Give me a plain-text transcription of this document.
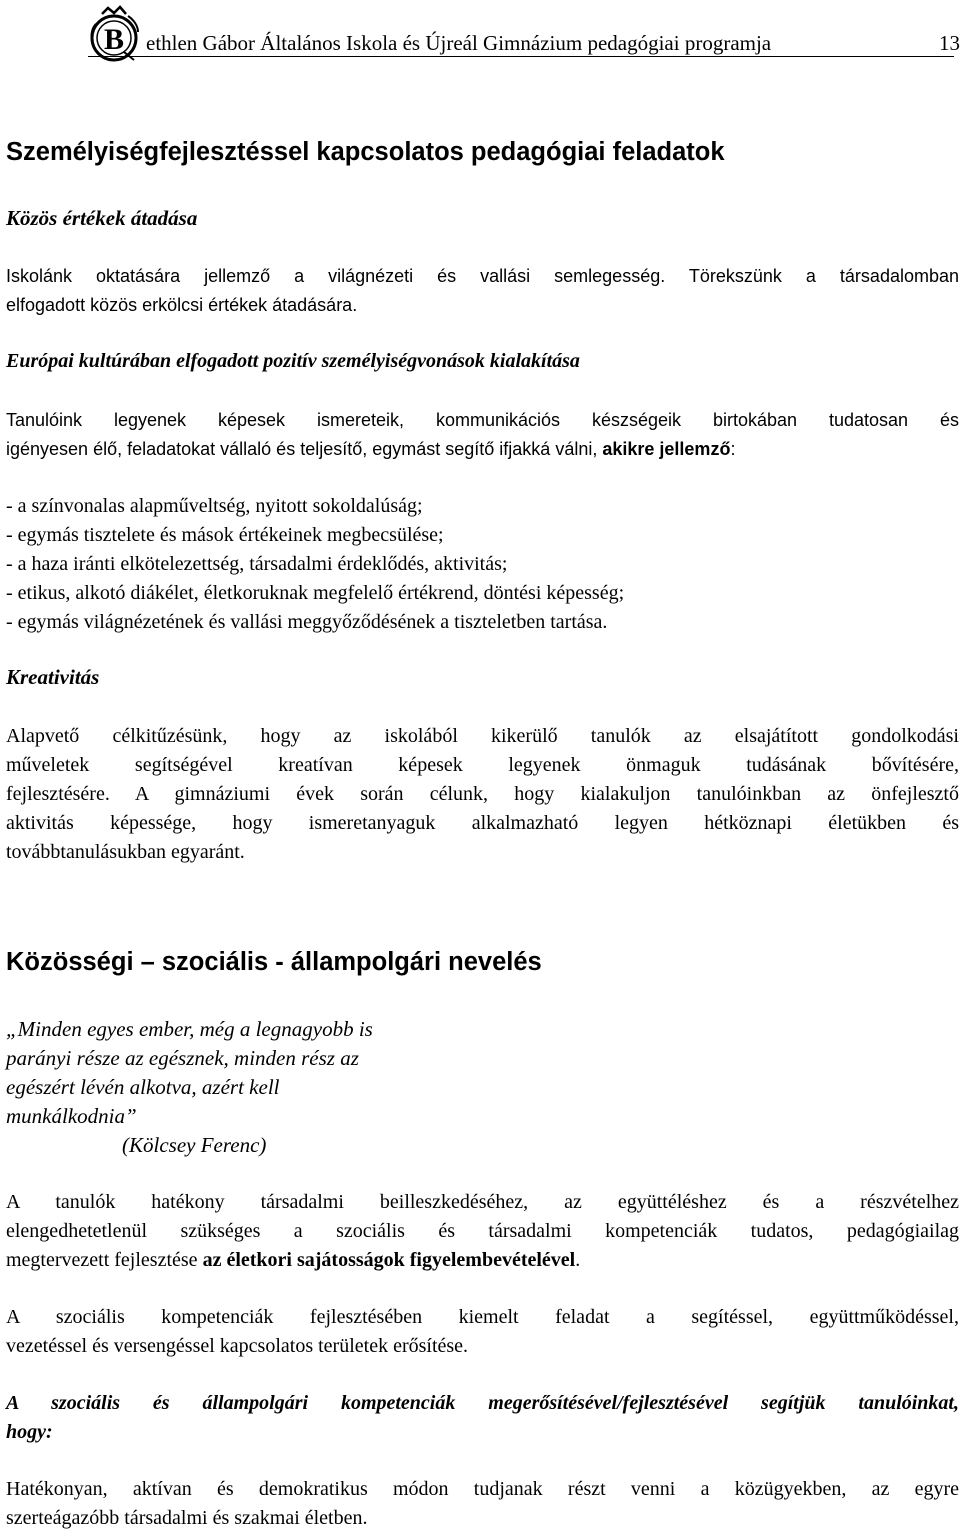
B ethlen Gábor Általános Iskola és Újreál Gimnázium pedagógiai programja	13
Személyiségfejlesztéssel kapcsolatos pedagógiai feladatok
Közös értékek átadása
Iskolánk oktatására jellemző a világnézeti és vallási semlegesség. Törekszünk a társadalomban
elfogadott közös erkölcsi értékek átadására.
Európai kultúrában elfogadott pozitív személyiségvonások kialakítása
Tanulóink legyenek képesek ismereteik, kommunikációs készségeik birtokában tudatosan és
igényesen élő, feladatokat vállaló és teljesítő, egymást segítő ifjakká válni, akikre jellemző:
- a színvonalas alapműveltség, nyitott sokoldalúság;
- egymás tisztelete és mások értékeinek megbecsülése;
- a haza iránti elkötelezettség, társadalmi érdeklődés, aktivitás;
- etikus, alkotó diákélet, életkoruknak megfelelő értékrend, döntési képesség;
- egymás világnézetének és vallási meggyőződésének a tiszteletben tartása.
Kreativitás
Alapvető célkitűzésünk, hogy az iskolából kikerülő tanulók az elsajátított gondolkodási
műveletek segítségével kreatívan képesek legyenek önmaguk tudásának bővítésére,
fejlesztésére. A gimnáziumi évek során célunk, hogy kialakuljon tanulóinkban az önfejlesztő
aktivitás képessége, hogy ismeretanyaguk alkalmazható legyen hétköznapi életükben és
továbbtanulásukban egyaránt.
Közösségi – szociális - állampolgári nevelés
„Minden egyes ember, még a legnagyobb is
parányi része az egésznek, minden rész az
egészért lévén alkotva, azért kell
munkálkodnia”
(Kölcsey Ferenc)
A tanulók hatékony társadalmi beilleszkedéséhez, az együttéléshez és a részvételhez
elengedhetetlenül szükséges a szociális és társadalmi kompetenciák tudatos, pedagógiailag
megtervezett fejlesztése az életkori sajátosságok figyelembevételével.
A szociális kompetenciák fejlesztésében kiemelt feladat a segítéssel, együttműködéssel,
vezetéssel és versengéssel kapcsolatos területek erősítése.
A szociális és állampolgári kompetenciák megerősítésével/fejlesztésével segítjük tanulóinkat,
hogy:
Hatékonyan, aktívan és demokratikus módon tudjanak részt venni a közügyekben, az egyre
szerteágazóbb társadalmi és szakmai életben.
